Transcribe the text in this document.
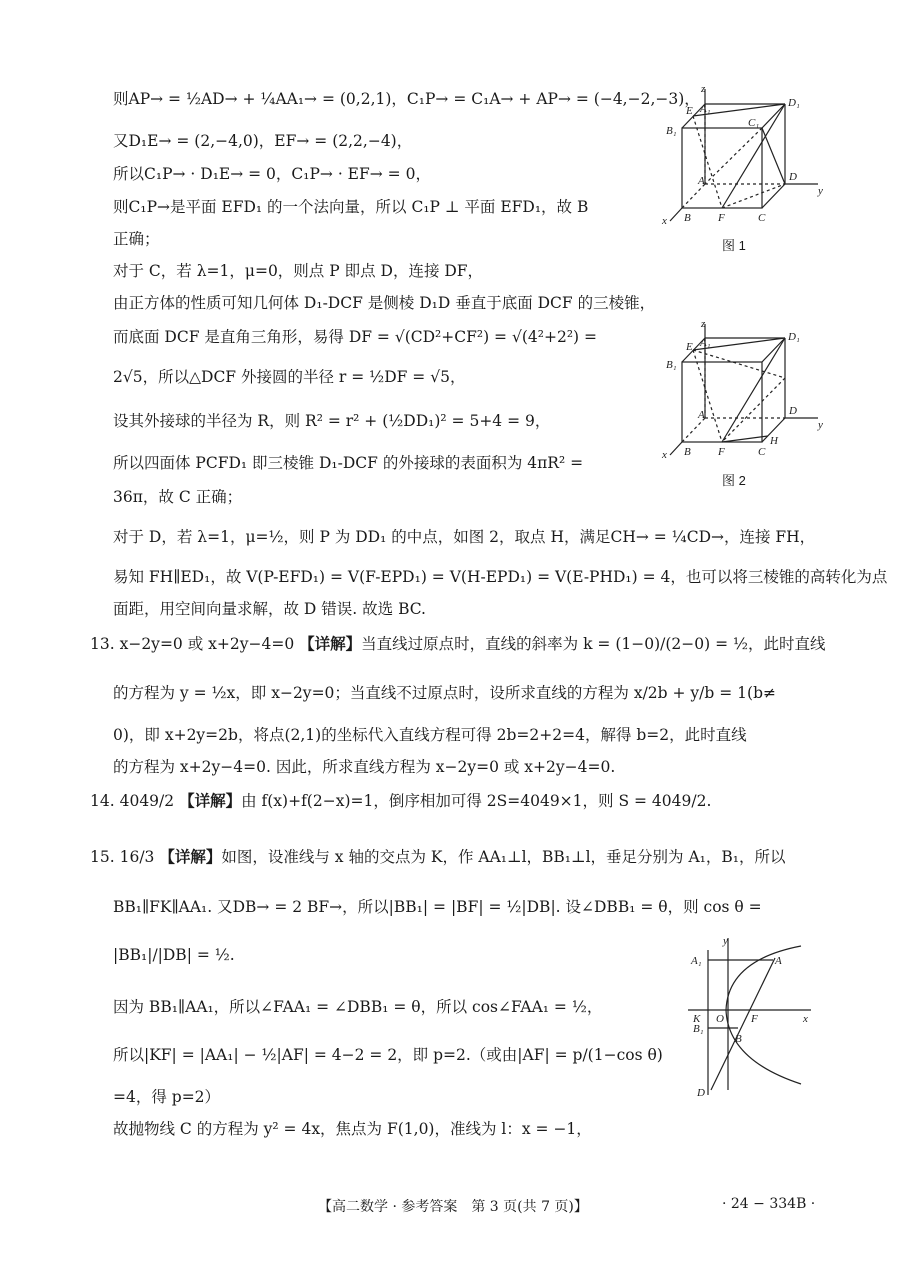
则AP→ = ½AD→ + ¼AA₁→ = (0,2,1)，C₁P→ = C₁A→ + AP→ = (−4,−2,−3)，
又D₁E→ = (2,−4,0)，EF→ = (2,2,−4)，
所以C₁P→ · D₁E→ = 0，C₁P→ · EF→ = 0，
则C₁P→是平面 EFD₁ 的一个法向量，所以 C₁P ⊥ 平面 EFD₁，故 B
正确；
对于 C，若 λ=1，μ=0，则点 P 即点 D，连接 DF，
由正方体的性质可知几何体 D₁-DCF 是侧棱 D₁D 垂直于底面 DCF 的三棱锥，
而底面 DCF 是直角三角形，易得 DF = √(CD²+CF²) = √(4²+2²) =
2√5，所以△DCF 外接圆的半径 r = ½DF = √5，
设其外接球的半径为 R，则 R² = r² + (½DD₁)² = 5+4 = 9，
所以四面体 PCFD₁ 即三棱锥 D₁-DCF 的外接球的表面积为 4πR² =
36π，故 C 正确；
对于 D，若 λ=1，μ=½，则 P 为 DD₁ 的中点，如图 2，取点 H，满足CH→ = ¼CD→，连接 FH，
易知 FH∥ED₁，故 V(P-EFD₁) = V(F-EPD₁) = V(H-EPD₁) = V(E-PHD₁) = 4，也可以将三棱锥的高转化为点
面距，用空间向量求解，故 D 错误. 故选 BC.
13. x−2y=0 或 x+2y−4=0 【详解】当直线过原点时，直线的斜率为 k = (1−0)/(2−0) = ½，此时直线
的方程为 y = ½x，即 x−2y=0；当直线不过原点时，设所求直线的方程为 x/2b + y/b = 1(b≠
0)，即 x+2y=2b，将点(2,1)的坐标代入直线方程可得 2b=2+2=4，解得 b=2，此时直线
的方程为 x+2y−4=0. 因此，所求直线方程为 x−2y=0 或 x+2y−4=0.
14. 4049/2 【详解】由 f(x)+f(2−x)=1，倒序相加可得 2S=4049×1，则 S = 4049/2.
15. 16/3 【详解】如图，设准线与 x 轴的交点为 K，作 AA₁⊥l，BB₁⊥l，垂足分别为 A₁，B₁，所以
BB₁∥FK∥AA₁. 又DB→ = 2 BF→，所以|BB₁| = |BF| = ½|DB|. 设∠DBB₁ = θ，则 cos θ =
|BB₁|/|DB| = ½.
因为 BB₁∥AA₁，所以∠FAA₁ = ∠DBB₁ = θ，所以 cos∠FAA₁ = ½，
所以|KF| = |AA₁| − ½|AF| = 4−2 = 2，即 p=2.（或由|AF| = p/(1−cos θ)
=4，得 p=2）
故抛物线 C 的方程为 y² = 4x，焦点为 F(1,0)，准线为 l：x = −1，
z
A₁	D₁
E
B₁
C₁
A	D
y
x B F	C
图 1
z
A₁	D₁
E
B₁
A	D
y
x B F	C
H
图 2
y
A₁	A
K O F	x
B₁
B
D
【高二数学 · 参考答案　第 3 页(共 7 页)】	· 24 − 334B ·
